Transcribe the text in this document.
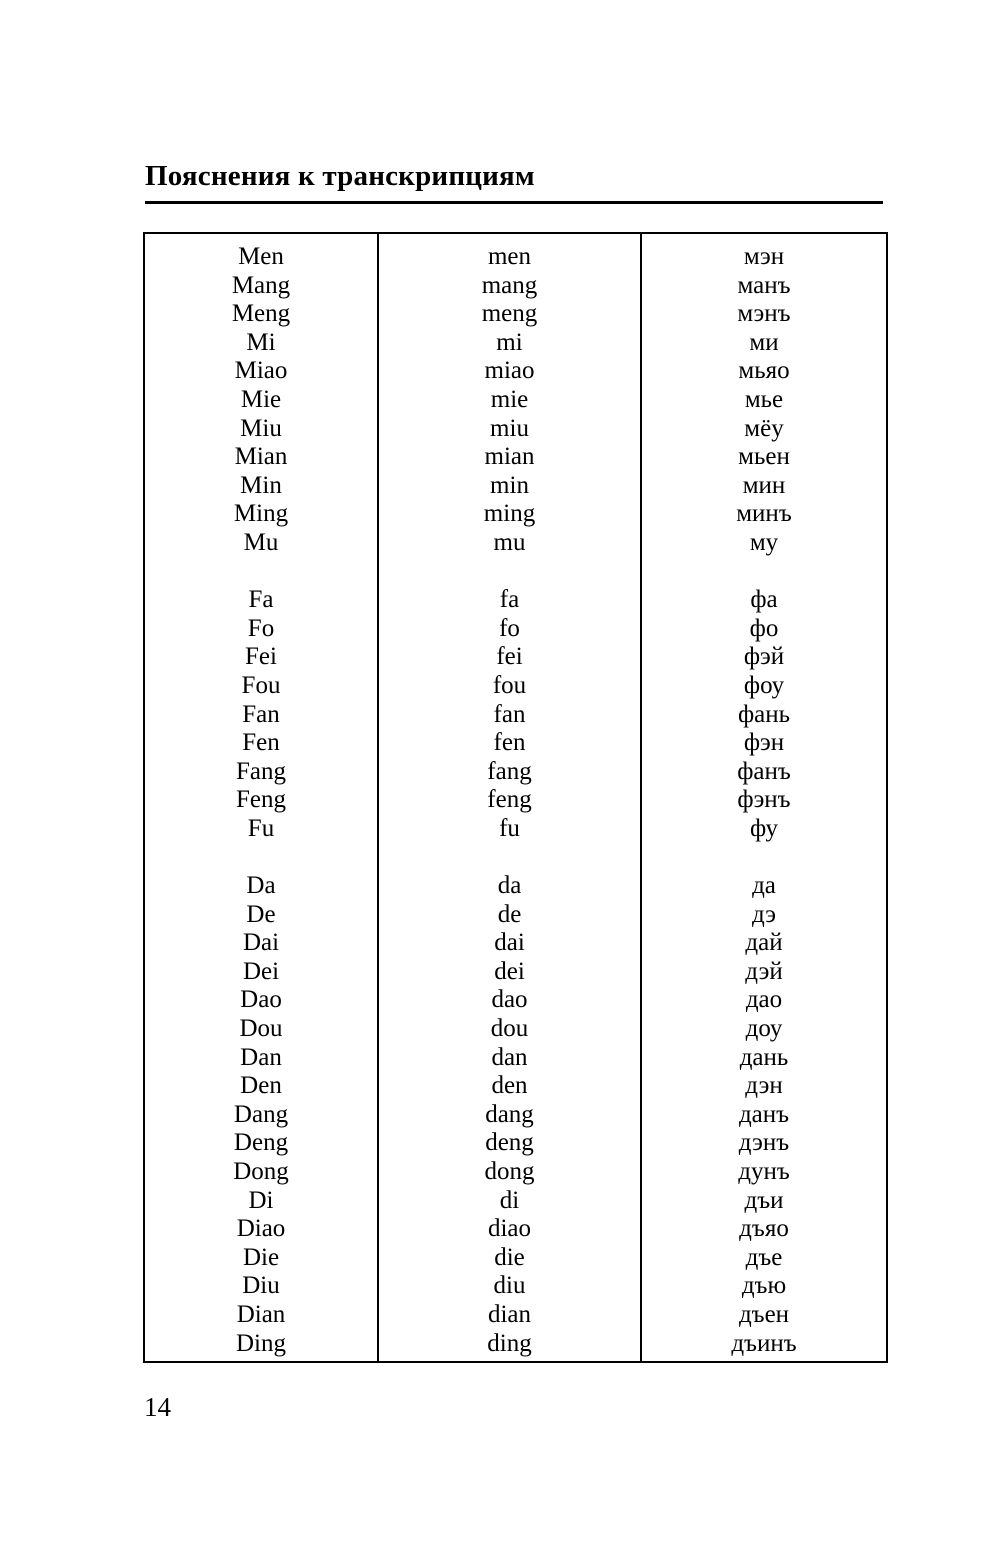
Пояснения к транскрипциям
Men
Mang
Meng
Mi
Miao
Mie
Miu
Mian
Min
Ming
Mu
Fa
Fo
Fei
Fou
Fan
Fen
Fang
Feng
Fu
Da
De
Dai
Dei
Dao
Dou
Dan
Den
Dang
Deng
Dong
Di
Diao
Die
Diu
Dian
Ding
men
mang
meng
mi
miao
mie
miu
mian
min
ming
mu
fa
fo
fei
fou
fan
fen
fang
feng
fu
da
de
dai
dei
dao
dou
dan
den
dang
deng
dong
di
diao
die
diu
dian
ding
мэн
манъ
мэнъ
ми
мьяо
мье
мёу
мьен
мин
минъ
му
фа
фо
фэй
фоу
фань
фэн
фанъ
фэнъ
фу
да
дэ
дай
дэй
дао
доу
дань
дэн
данъ
дэнъ
дунъ
дъи
дъяо
дъе
дъю
дъен
дъинъ
14
